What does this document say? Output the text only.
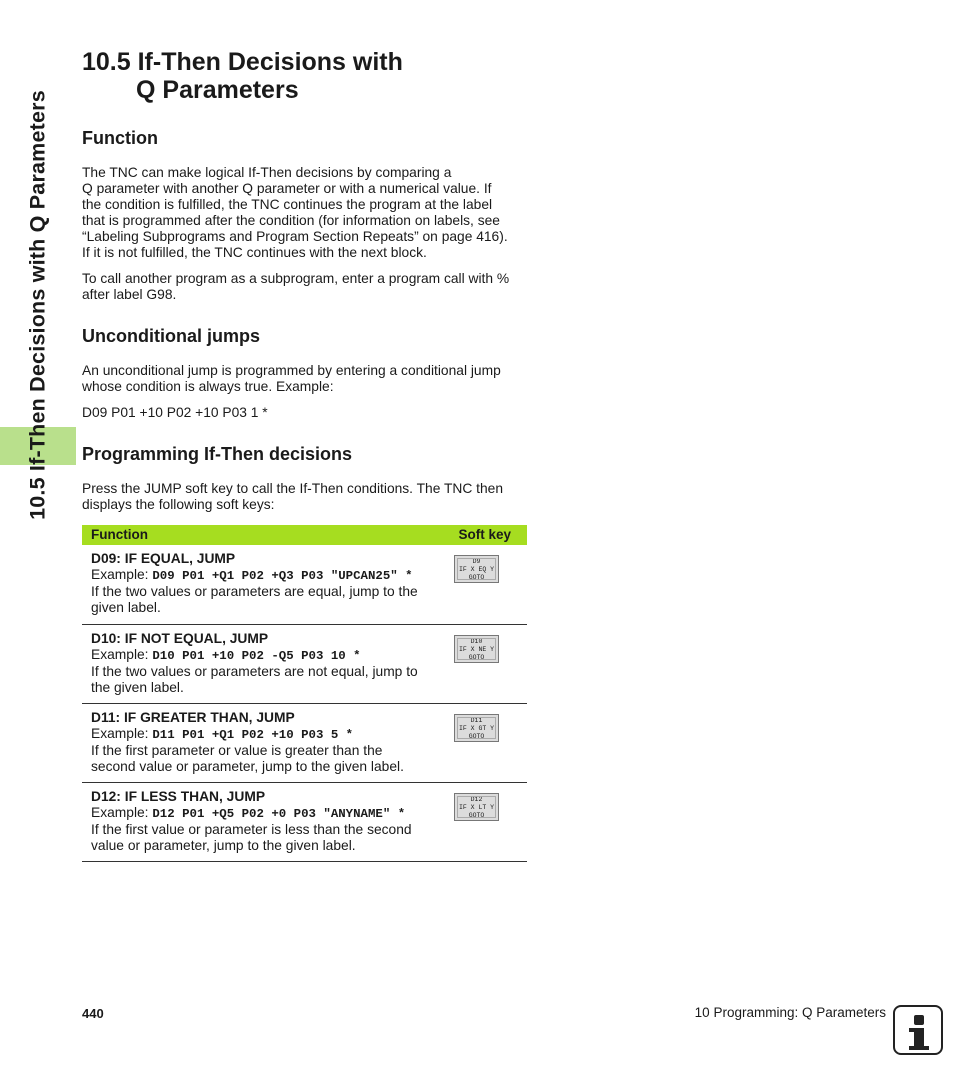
10.5 If-Then Decisions with Q Parameters
10.5 If-Then Decisions with
Q Parameters
Function
The TNC can make logical If-Then decisions by comparing a
Q parameter with another Q parameter or with a numerical value. If
the condition is fulfilled, the TNC continues the program at the label
that is programmed after the condition (for information on labels, see
“Labeling Subprograms and Program Section Repeats” on page 416).
If it is not fulfilled, the TNC continues with the next block.
To call another program as a subprogram, enter a program call with %
after label G98.
Unconditional jumps
An unconditional jump is programmed by entering a conditional jump
whose condition is always true. Example:
D09 P01 +10 P02 +10 P03 1 *
Programming If-Then decisions
Press the JUMP soft key to call the If-Then conditions. The TNC then
displays the following soft keys:
Function	Soft key
D09: IF EQUAL, JUMP
Example: D09 P01 +Q1 P02 +Q3 P03 "UPCAN25" *
If the two values or parameters are equal, jump to the
given label.
D9
IF X EQ Y
GOTO
D10: IF NOT EQUAL, JUMP
Example: D10 P01 +10 P02 -Q5 P03 10 *
If the two values or parameters are not equal, jump to
the given label.
D10
IF X NE Y
GOTO
D11: IF GREATER THAN, JUMP
Example: D11 P01 +Q1 P02 +10 P03 5 *
If the first parameter or value is greater than the
second value or parameter, jump to the given label.
D11
IF X GT Y
GOTO
D12: IF LESS THAN, JUMP
Example: D12 P01 +Q5 P02 +0 P03 "ANYNAME" *
If the first value or parameter is less than the second
value or parameter, jump to the given label.
D12
IF X LT Y
GOTO
440	10 Programming: Q Parameters
